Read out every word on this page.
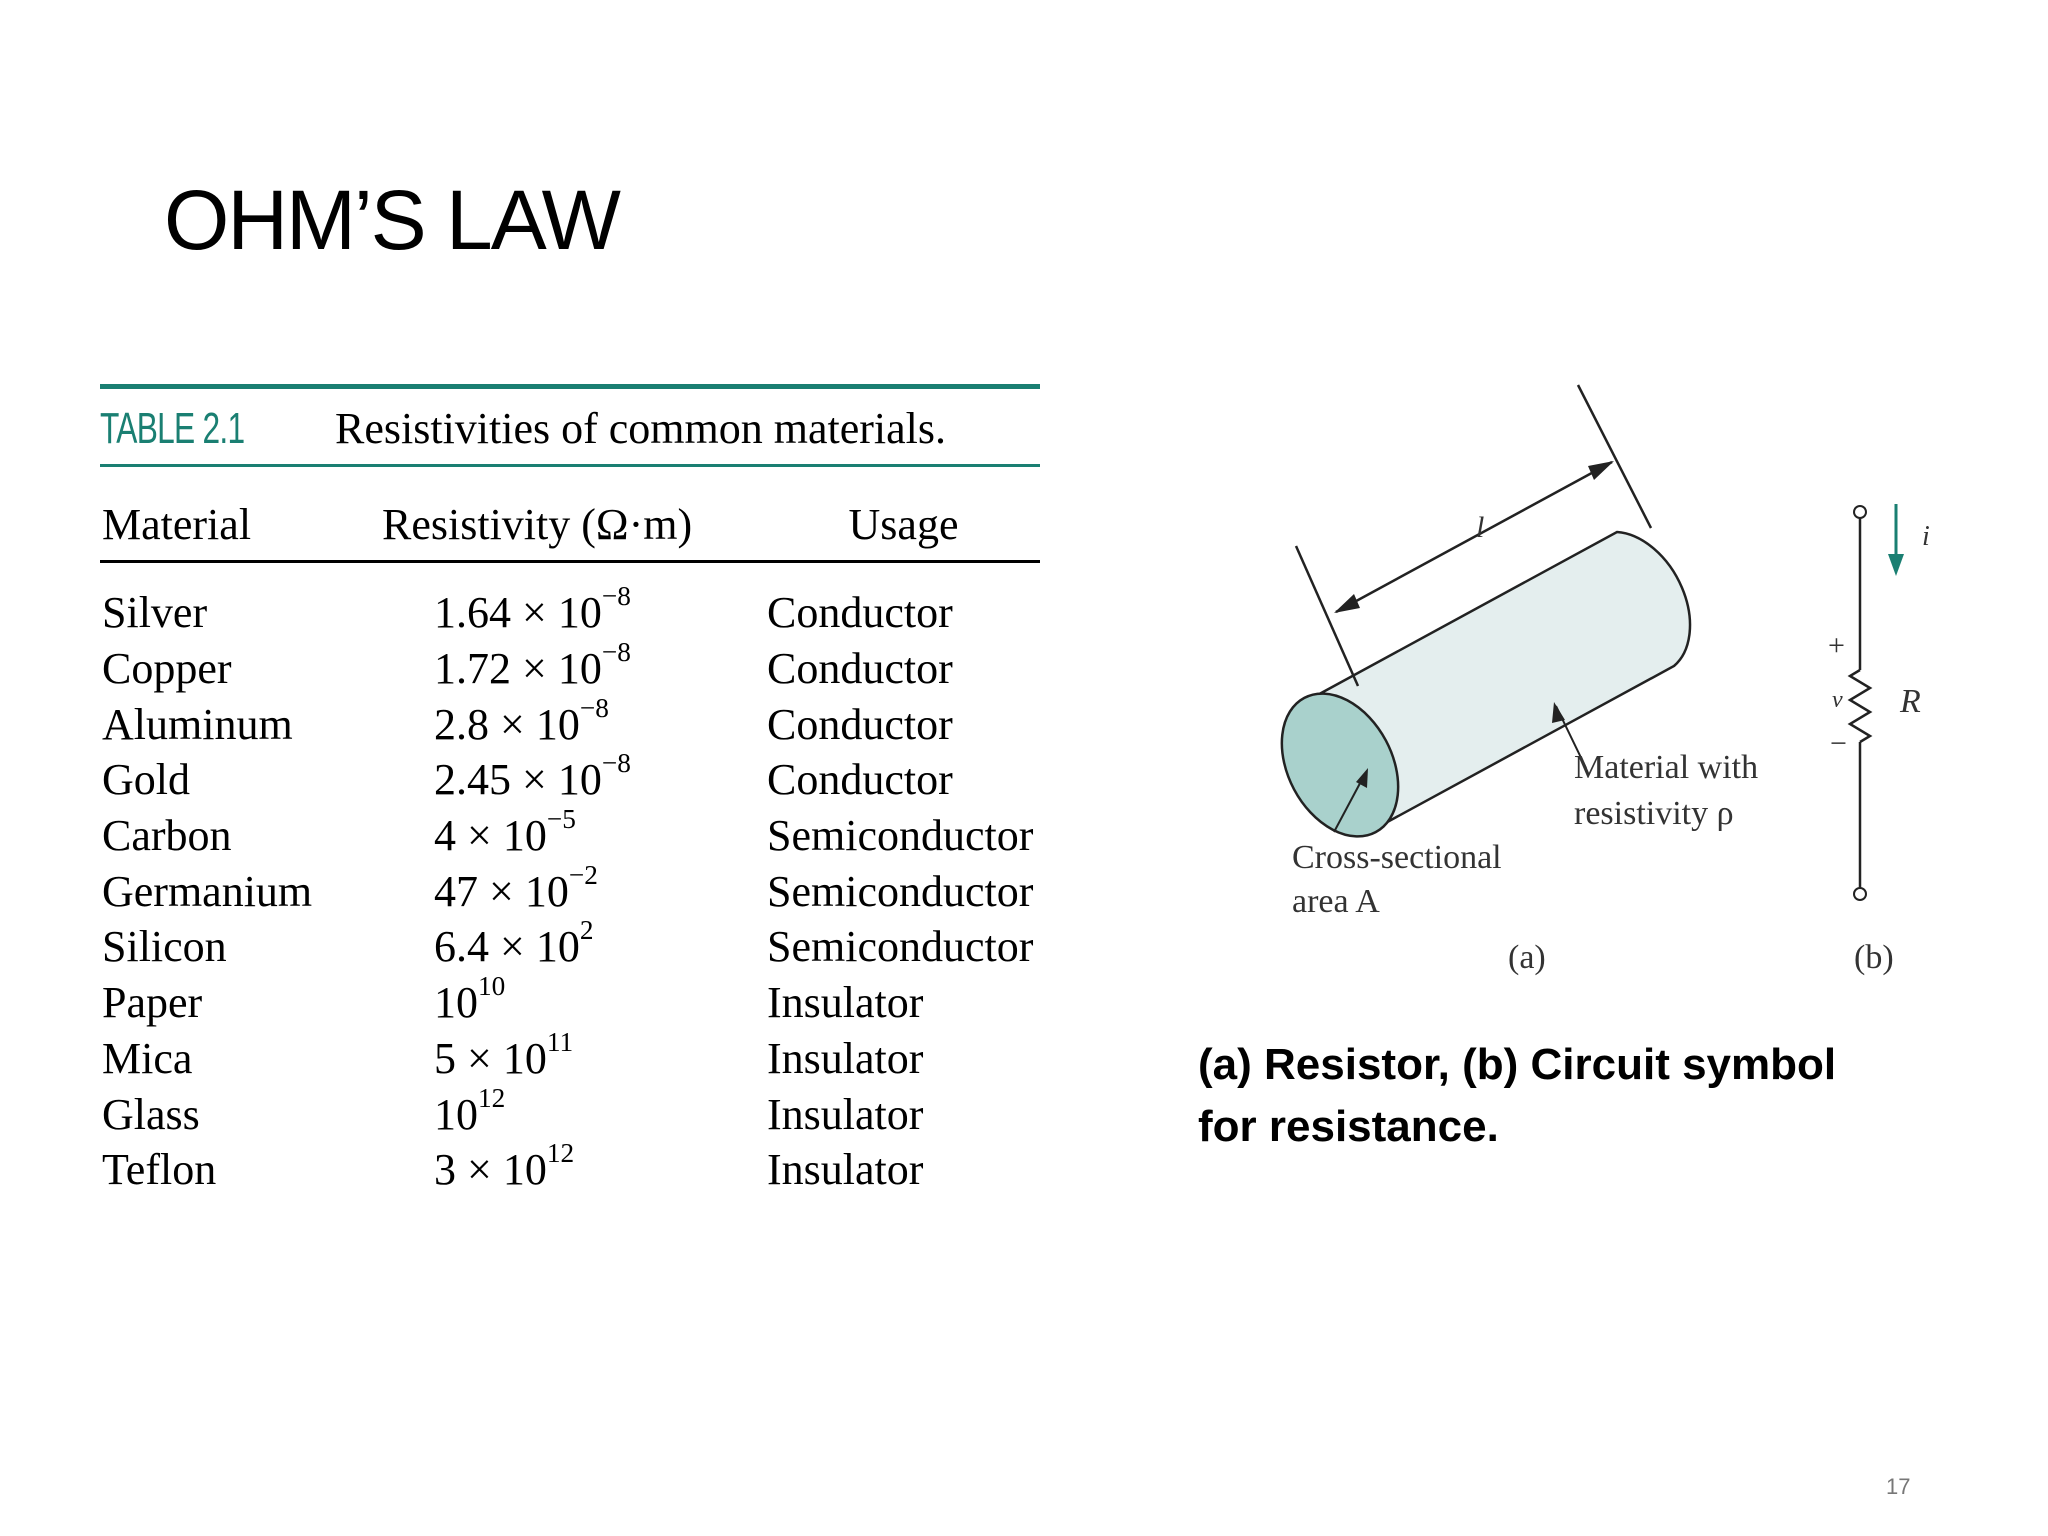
OHM’S LAW
TABLE 2.1	Resistivities of common materials.
Material	Resistivity (Ω·m)	Usage
Silver	$1.64 \times 10^{-8}$	Conductor
Copper	$1.72 \times 10^{-8}$	Conductor
Aluminum	$2.8 \times 10^{-8}$	Conductor
Gold	$2.45 \times 10^{-8}$	Conductor
Carbon	$4 \times 10^{-5}$	Semiconductor
Germanium	$47 \times 10^{-2}$	Semiconductor
Silicon	$6.4 \times 10^2$	Semiconductor
Paper	$10^{10}$	Insulator
Mica	$5 \times 10^{11}$	Insulator
Glass	$10^{12}$	Insulator
Teflon	$3 \times 10^{12}$	Insulator
l
Material with
resistivity ρ
Cross-sectional
area A
(a)	(b)
i
+
v
−
R

(a) Resistor, (b) Circuit symbol
for resistance.

17
